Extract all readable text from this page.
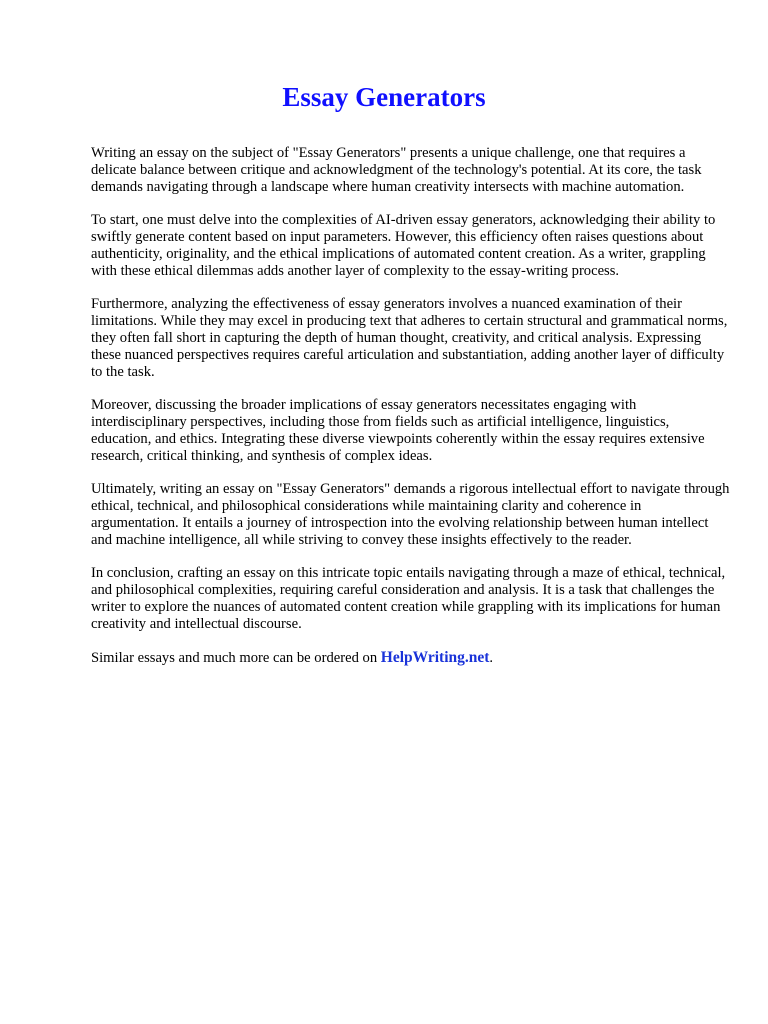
Essay Generators

Writing an essay on the subject of "Essay Generators" presents a unique challenge, one that requires a delicate balance between critique and acknowledgment of the technology's potential. At its core, the task demands navigating through a landscape where human creativity intersects with machine automation.

To start, one must delve into the complexities of AI-driven essay generators, acknowledging their ability to swiftly generate content based on input parameters. However, this efficiency often raises questions about authenticity, originality, and the ethical implications of automated content creation. As a writer, grappling with these ethical dilemmas adds another layer of complexity to the essay-writing process.

Furthermore, analyzing the effectiveness of essay generators involves a nuanced examination of their limitations. While they may excel in producing text that adheres to certain structural and grammatical norms, they often fall short in capturing the depth of human thought, creativity, and critical analysis. Expressing these nuanced perspectives requires careful articulation and substantiation, adding another layer of difficulty to the task.

Moreover, discussing the broader implications of essay generators necessitates engaging with interdisciplinary perspectives, including those from fields such as artificial intelligence, linguistics, education, and ethics. Integrating these diverse viewpoints coherently within the essay requires extensive research, critical thinking, and synthesis of complex ideas.

Ultimately, writing an essay on "Essay Generators" demands a rigorous intellectual effort to navigate through ethical, technical, and philosophical considerations while maintaining clarity and coherence in argumentation. It entails a journey of introspection into the evolving relationship between human intellect and machine intelligence, all while striving to convey these insights effectively to the reader.

In conclusion, crafting an essay on this intricate topic entails navigating through a maze of ethical, technical, and philosophical complexities, requiring careful consideration and analysis. It is a task that challenges the writer to explore the nuances of automated content creation while grappling with its implications for human creativity and intellectual discourse.

Similar essays and much more can be ordered on HelpWriting.net.
